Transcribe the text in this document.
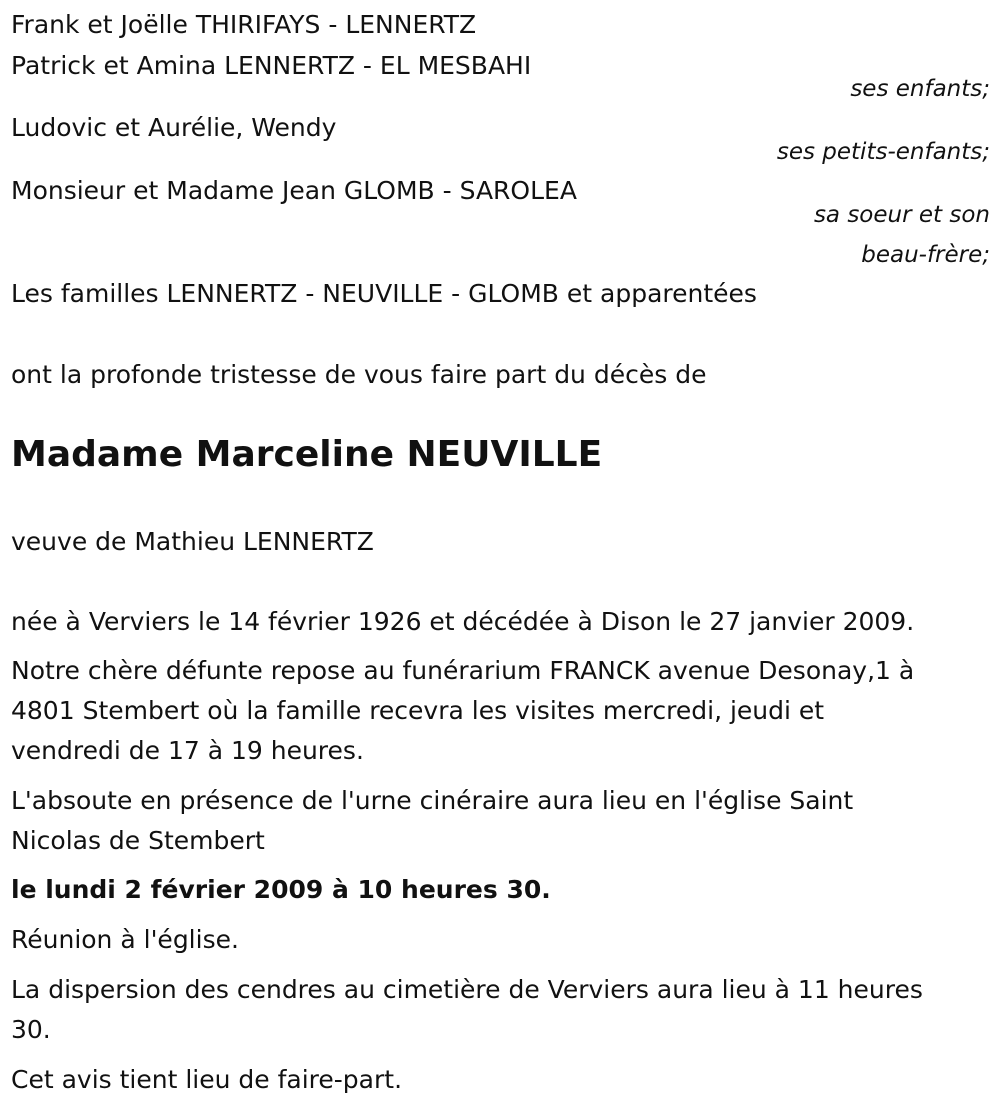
Frank et Joëlle THIRIFAYS - LENNERTZ
Patrick et Amina LENNERTZ - EL MESBAHI
ses enfants;
Ludovic et Aurélie, Wendy
ses petits-enfants;
Monsieur et Madame Jean GLOMB - SAROLEA
sa soeur et son
beau-frère;
Les familles LENNERTZ - NEUVILLE - GLOMB et apparentées
ont la profonde tristesse de vous faire part du décès de
Madame Marceline NEUVILLE
veuve de Mathieu LENNERTZ
née à Verviers le 14 février 1926 et décédée à Dison le 27 janvier 2009.
Notre chère défunte repose au funérarium FRANCK avenue Desonay,1 à
4801 Stembert où la famille recevra les visites mercredi, jeudi et
vendredi de 17 à 19 heures.
L'absoute en présence de l'urne cinéraire aura lieu en l'église Saint
Nicolas de Stembert
le lundi 2 février 2009 à 10 heures 30.
Réunion à l'église.
La dispersion des cendres au cimetière de Verviers aura lieu à 11 heures
30.
Cet avis tient lieu de faire-part.
